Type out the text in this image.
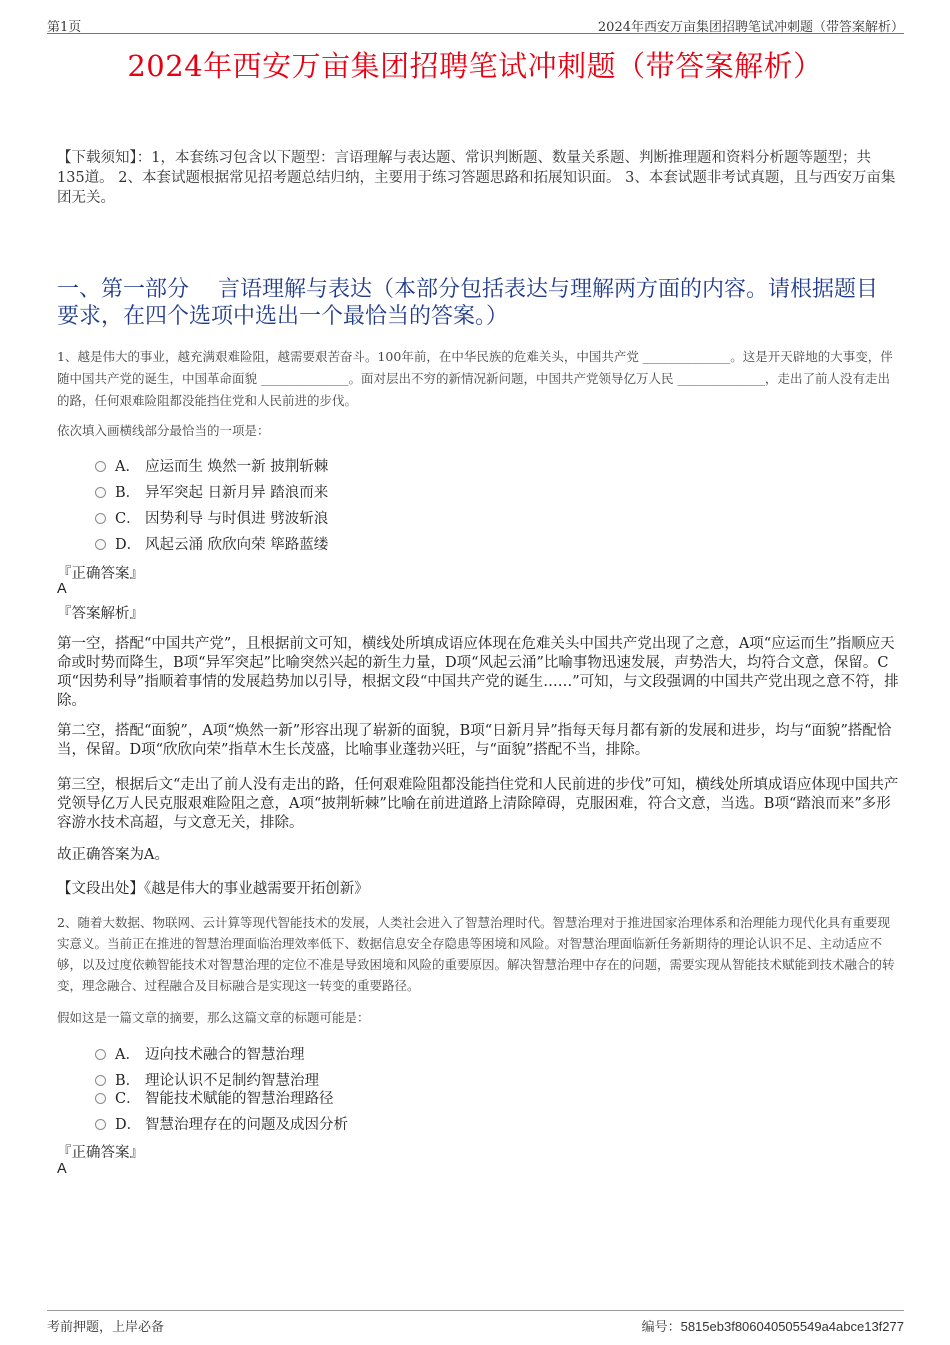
第1页	2024年西安万亩集团招聘笔试冲刺题（带答案解析）
2024年西安万亩集团招聘笔试冲刺题（带答案解析）
【下载须知】：1，本套练习包含以下题型：言语理解与表达题、常识判断题、数量关系题、判断推理题和资料分析题等题型；共135道。 2、本套试题根据常见招考题总结归纳，主要用于练习答题思路和拓展知识面。 3、本套试题非考试真题，且与西安万亩集团无关。
一、第一部分　 言语理解与表达（本部分包括表达与理解两方面的内容。请根据题目要求，在四个选项中选出一个最恰当的答案。）
1、越是伟大的事业，越充满艰难险阻，越需要艰苦奋斗。100年前，在中华民族的危难关头，中国共产党 ______________。这是开天辟地的大事变，伴随中国共产党的诞生，中国革命面貌 ______________。面对层出不穷的新情况新问题，中国共产党领导亿万人民 ______________，走出了前人没有走出的路，任何艰难险阻都没能挡住党和人民前进的步伐。
依次填入画横线部分最恰当的一项是：
A． 应运而生 焕然一新 披荆斩棘
B． 异军突起 日新月异 踏浪而来
C． 因势利导 与时俱进 劈波斩浪
D． 风起云涌 欣欣向荣 筚路蓝缕
『正确答案』
A
『答案解析』
第一空，搭配“中国共产党”，且根据前文可知，横线处所填成语应体现在危难关头中国共产党出现了之意，A项“应运而生”指顺应天命或时势而降生，B项“异军突起”比喻突然兴起的新生力量，D项“风起云涌”比喻事物迅速发展，声势浩大，均符合文意，保留。C项“因势利导”指顺着事情的发展趋势加以引导，根据文段“中国共产党的诞生……”可知，与文段强调的中国共产党出现之意不符，排除。
第二空，搭配“面貌”，A项“焕然一新”形容出现了崭新的面貌，B项“日新月异”指每天每月都有新的发展和进步，均与“面貌”搭配恰当，保留。D项“欣欣向荣”指草木生长茂盛，比喻事业蓬勃兴旺，与“面貌”搭配不当，排除。
第三空，根据后文“走出了前人没有走出的路，任何艰难险阻都没能挡住党和人民前进的步伐”可知，横线处所填成语应体现中国共产党领导亿万人民克服艰难险阻之意，A项“披荆斩棘”比喻在前进道路上清除障碍，克服困难，符合文意，当选。B项“踏浪而来”多形容游水技术高超，与文意无关，排除。
故正确答案为A。
【文段出处】《越是伟大的事业越需要开拓创新》
2、随着大数据、物联网、云计算等现代智能技术的发展，人类社会进入了智慧治理时代。智慧治理对于推进国家治理体系和治理能力现代化具有重要现实意义。当前正在推进的智慧治理面临治理效率低下、数据信息安全存隐患等困境和风险。对智慧治理面临新任务新期待的理论认识不足、主动适应不够，以及过度依赖智能技术对智慧治理的定位不准是导致困境和风险的重要原因。解决智慧治理中存在的问题，需要实现从智能技术赋能到技术融合的转变，理念融合、过程融合及目标融合是实现这一转变的重要路径。
假如这是一篇文章的摘要，那么这篇文章的标题可能是：
A． 迈向技术融合的智慧治理
B． 理论认识不足制约智慧治理
C． 智能技术赋能的智慧治理路径
D． 智慧治理存在的问题及成因分析
『正确答案』
A
考前押题，上岸必备	编号：5815eb3f806040505549a4abce13f277
